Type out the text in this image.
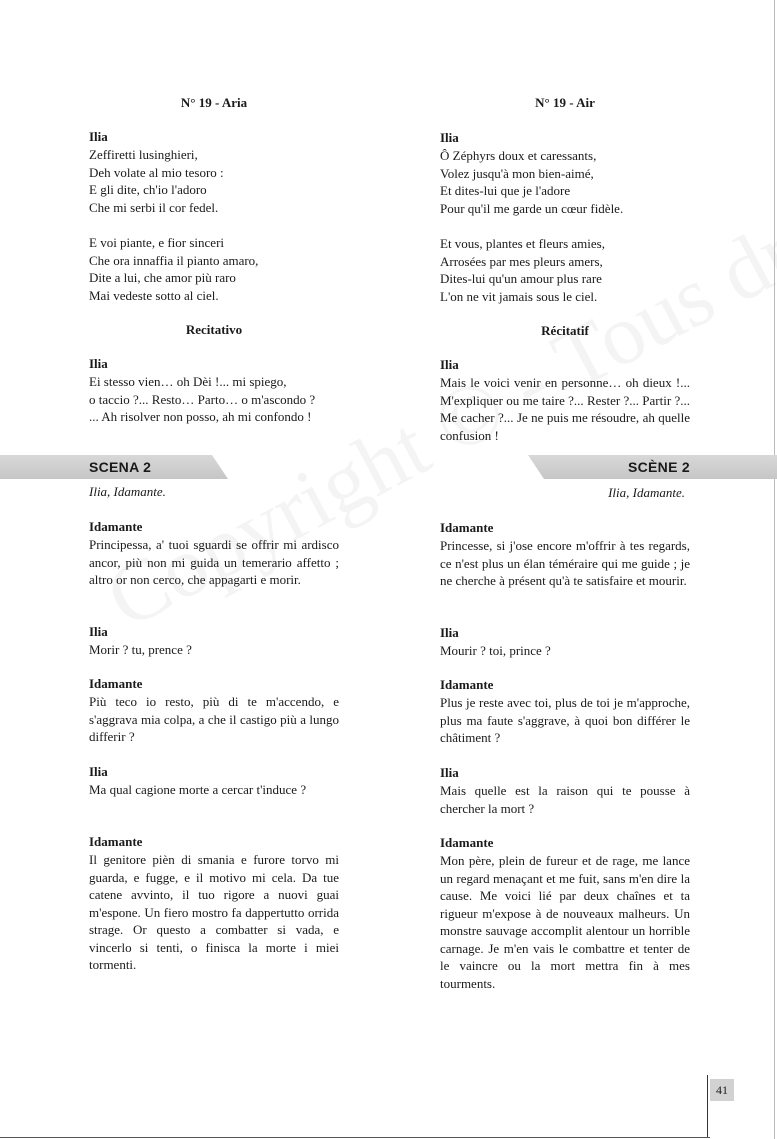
SCENA 2	SCÈNE 2
N° 19 - Aria
Ilia
Zeffiretti lusinghieri,
Deh volate al mio tesoro :
E gli dite, ch'io l'adoro
Che mi serbi il cor fedel.
E voi piante, e fior sinceri
Che ora innaffia il pianto amaro,
Dite a lui, che amor più raro
Mai vedeste sotto al ciel.
Recitativo
Ilia
Ei stesso vien… oh Dèi !... mi spiego,
o taccio ?... Resto… Parto… o m'ascondo ?
... Ah risolver non posso, ah mi confondo !
Ilia, Idamante.
Idamante
Principessa, a' tuoi sguardi se offrir mi ardisco ancor, più non mi guida un temerario affetto ; altro or non cerco, che appagarti e morir.
Ilia
Morir ? tu, prence ?
Idamante
Più teco io resto, più di te m'accendo, e s'aggrava mia colpa, a che il castigo più a lungo differir ?
Ilia
Ma qual cagione morte a cercar t'induce ?
Idamante
Il genitore pièn di smania e furore torvo mi guarda, e fugge, e il motivo mi cela. Da tue catene avvinto, il tuo rigore a nuovi guai m'espone. Un fiero mostro fa dappertutto orrida strage. Or questo a combatter si vada, e vincerlo si tenti, o finisca la morte i miei tormenti.
N° 19 - Air
Ilia
Ô Zéphyrs doux et caressants,
Volez jusqu'à mon bien-aimé,
Et dites-lui que je l'adore
Pour qu'il me garde un cœur fidèle.
Et vous, plantes et fleurs amies,
Arrosées par mes pleurs amers,
Dites-lui qu'un amour plus rare
L'on ne vit jamais sous le ciel.
Récitatif
Ilia
Mais le voici venir en personne… oh dieux !... M'expliquer ou me taire ?... Rester ?... Partir ?... Me cacher ?... Je ne puis me résoudre, ah quelle confusion !
Ilia, Idamante.
Idamante
Princesse, si j'ose encore m'offrir à tes regards, ce n'est plus un élan téméraire qui me guide ; je ne cherche à présent qu'à te satisfaire et mourir.
Ilia
Mourir ? toi, prince ?
Idamante
Plus je reste avec toi, plus de toi je m'approche, plus ma faute s'aggrave, à quoi bon différer le châtiment ?
Ilia
Mais quelle est la raison qui te pousse à chercher la mort ?
Idamante
Mon père, plein de fureur et de rage, me lance un regard menaçant et me fuit, sans m'en dire la cause. Me voici lié par deux chaînes et ta rigueur m'expose à de nouveaux malheurs. Un monstre sauvage accomplit alentour un horrible carnage. Je m'en vais le combattre et tenter de le vaincre ou la mort mettra fin à mes tourments.
41
